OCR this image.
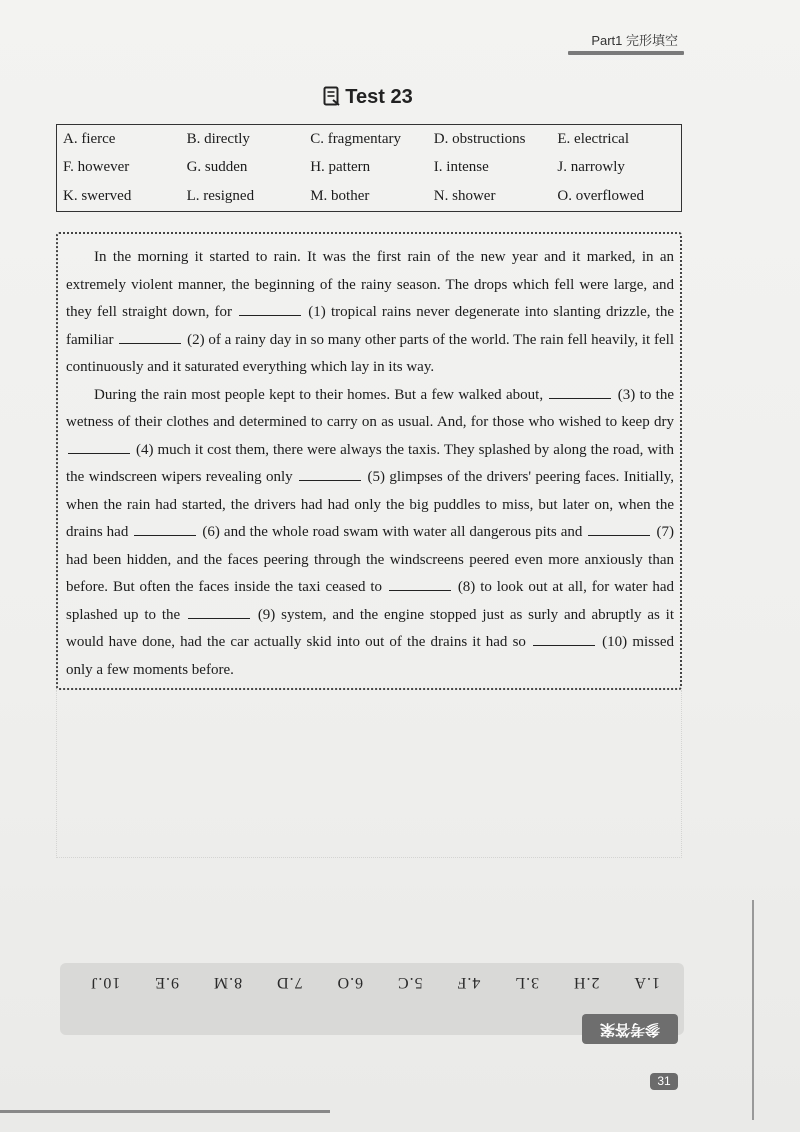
Part1 完形填空
Test 23
A. fierce	B. directly	C. fragmentary	D. obstructions	E. electrical
F. however	G. sudden	H. pattern	I. intense	J. narrowly
K. swerved	L. resigned	M. bother	N. shower	O. overflowed

In the morning it started to rain. It was the first rain of the new year and it marked, in an extremely violent manner, the beginning of the rainy season. The drops which fell were large, and they fell straight down, for	(1) tropical rains never degenerate into slanting drizzle, the familiar	(2) of a rainy day in so many other parts of the world. The rain fell heavily, it fell continuously and it saturated everything which lay in its way.

During the rain most people kept to their homes. But a few walked about,	(3) to the wetness of their clothes and determined to carry on as usual. And, for those who wished to keep dry  (4) much it cost them, there were always the taxis. They splashed by along the road, with the windscreen wipers revealing only	(5) glimpses of the drivers' peering faces. Initially, when the rain had started, the drivers had had only the big puddles to miss, but later on, when the drains had	(6) and the whole road swam with water all dangerous pits and	(7) had been hidden, and the faces peering through the windscreens peered even more anxiously than before. But often the faces inside the taxi ceased to	(8) to look out at all, for water had splashed up to the	(9) system, and the engine stopped just as surly and abruptly as it would have done, had the car actually skid into out of the drains it had so	(10) missed only a few moments before.

1.A
2.H
3.L
4.F
5.C
6.O
7.D
8.M
9.E
10.J
参考答案
31
